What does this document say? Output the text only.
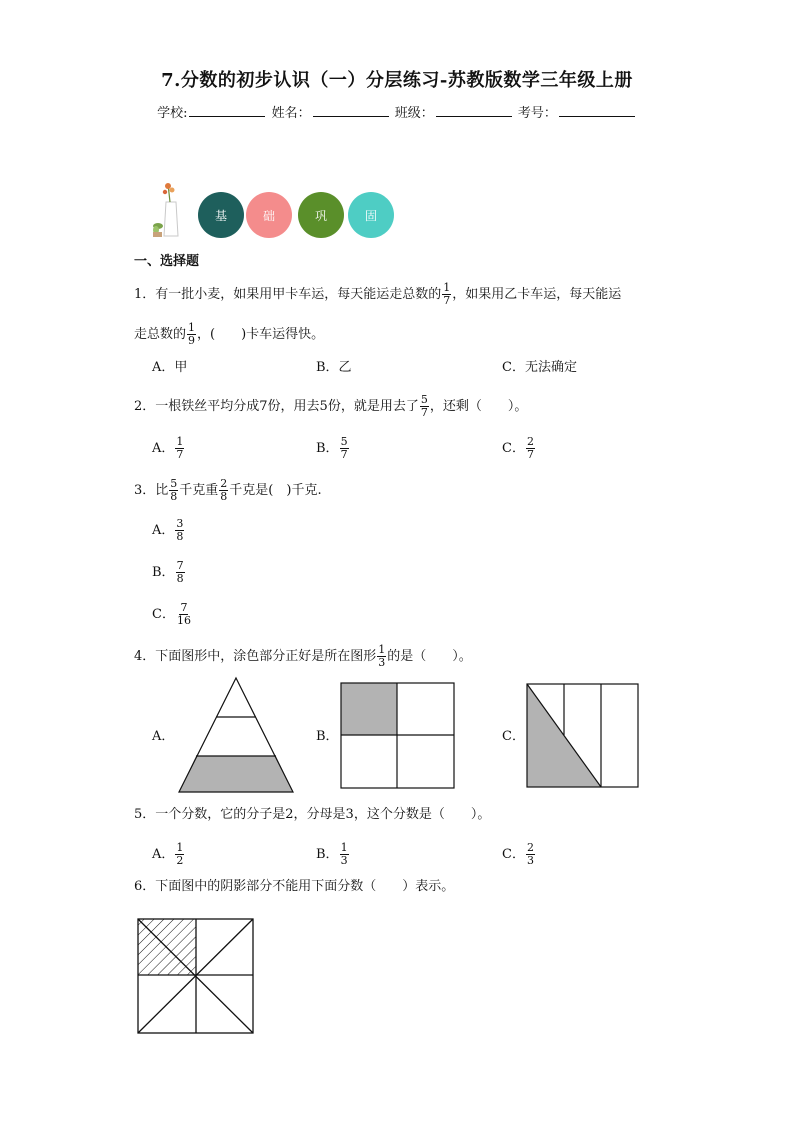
7.分数的初步认识（一）分层练习-苏教版数学三年级上册
学校:	姓名：	班级：	考号：
基	础	巩	固
一、选择题
1．有一批小麦，如果用甲卡车运，每天能运走总数的 $\frac{1}{7}$ ，如果用乙卡车运，每天能运
走总数的 $\frac{1}{9}$ ，(　　)卡车运得快。
A．甲	B．乙	C．无法确定
2．一根铁丝平均分成7份，用去5份，就是用去了 $\frac{5}{7}$ ，还剩（　　）。
A． $\frac{1}{7}$	B． $\frac{5}{7}$	C． $\frac{2}{7}$
3．比 $\frac{5}{8}$ 千克重 $\frac{2}{8}$ 千克是(　)千克.
A． $\frac{3}{8}$
B． $\frac{7}{8}$
C． $\frac{7}{16}$
4．下面图形中，涂色部分正好是所在图形 $\frac{1}{3}$ 的是（　　）。
A．	B．	C．
5．一个分数，它的分子是2，分母是3，这个分数是（　　）。
A． $\frac{1}{2}$	B． $\frac{1}{3}$	C． $\frac{2}{3}$
6．下面图中的阴影部分不能用下面分数（　　）表示。
